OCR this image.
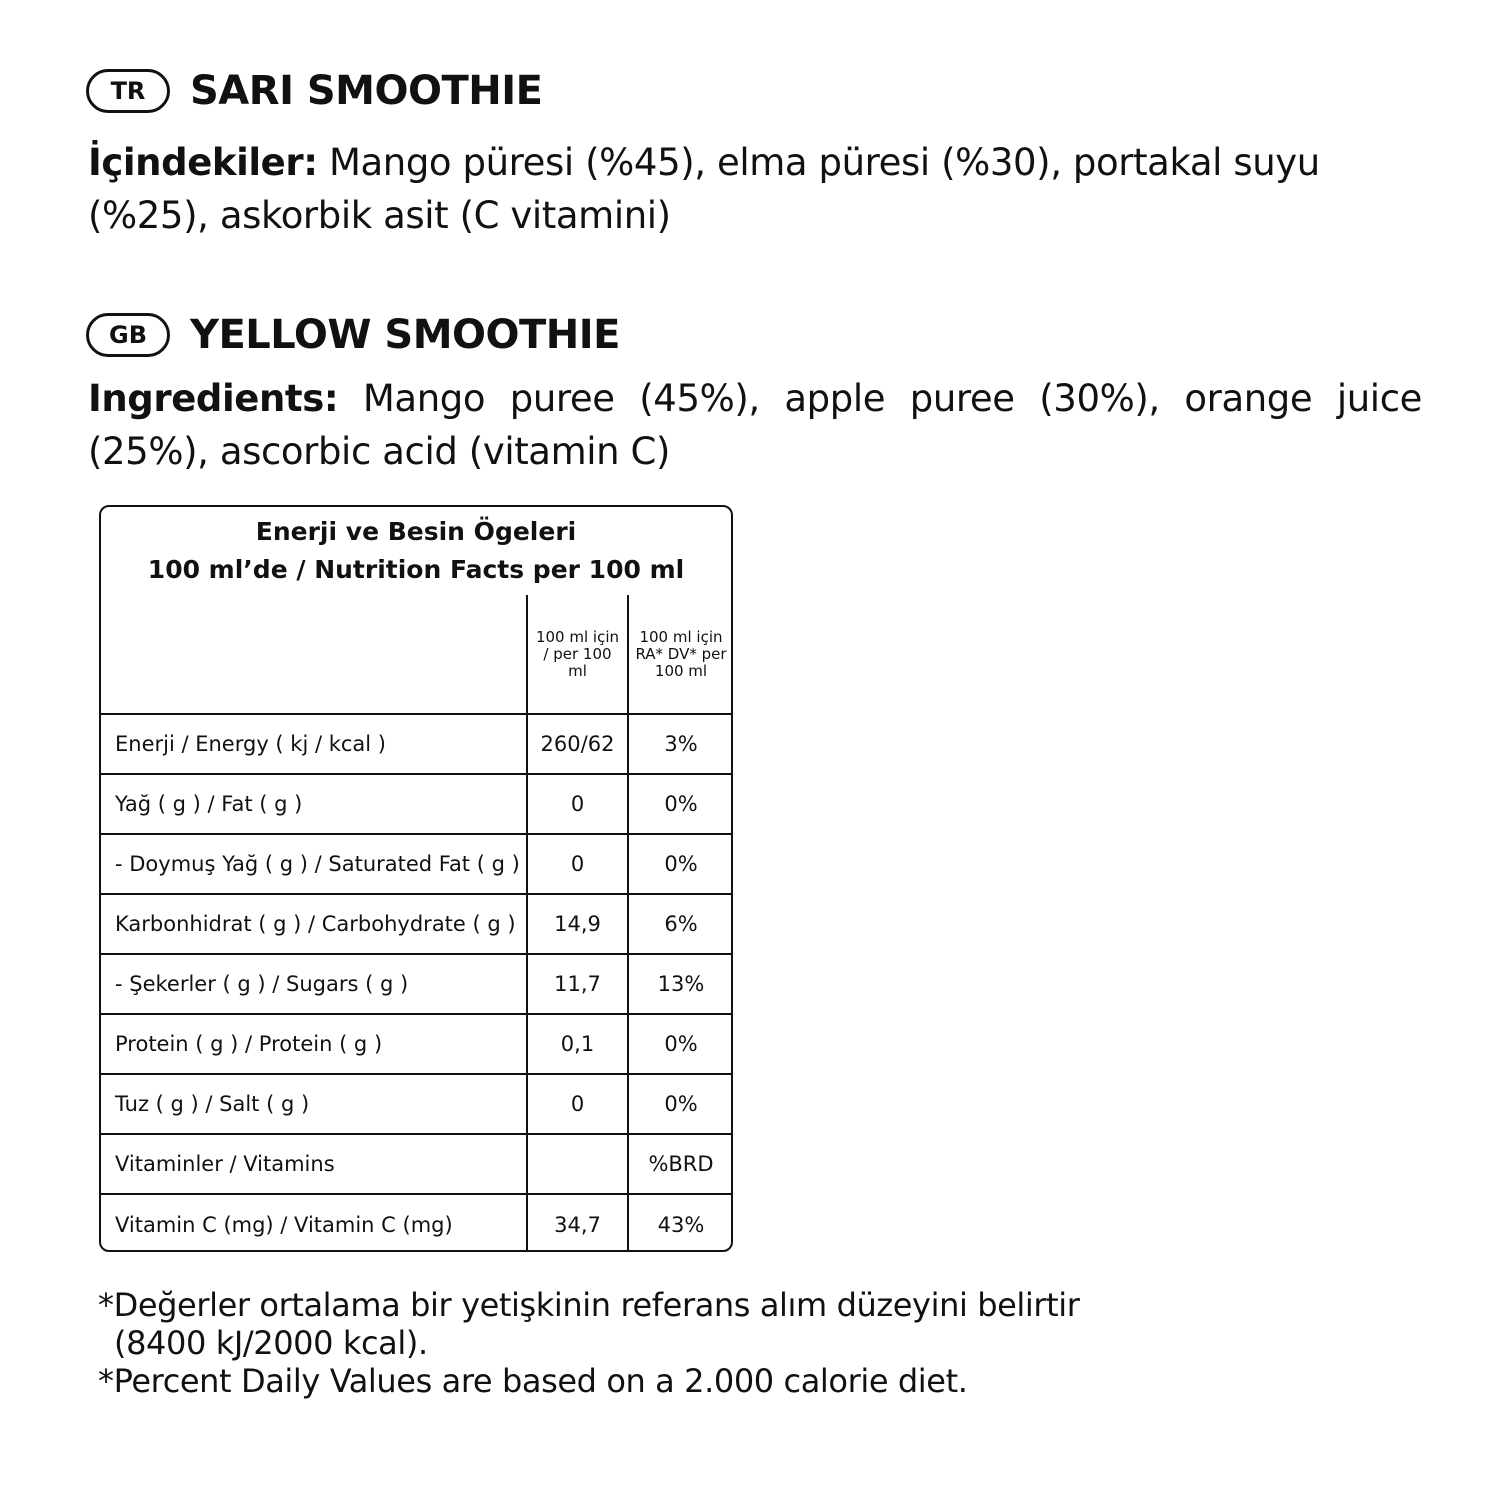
TR	SARI SMOOTHIE
İçindekiler: Mango püresi (%45), elma püresi (%30), portakal suyu (%25), askorbik asit (C vitamini)
GB	YELLOW SMOOTHIE
Ingredients: Mango puree (45%), apple puree (30%), orange juice (25%), ascorbic acid (vitamin C)
Enerji ve Besin Ögeleri
100 ml’de / Nutrition Facts per 100 ml
	100 ml için / per 100 ml	100 ml için RA* DV* per 100 ml
Enerji / Energy ( kj / kcal )	260/62	3%
Yağ ( g ) / Fat ( g )	0	0%
- Doymuş Yağ ( g ) / Saturated Fat ( g )	0	0%
Karbonhidrat ( g ) / Carbohydrate ( g )	14,9	6%
- Şekerler ( g ) / Sugars ( g )	11,7	13%
Protein ( g ) / Protein ( g )	0,1	0%
Tuz ( g ) / Salt ( g )	0	0%
Vitaminler / Vitamins		%BRD
Vitamin C (mg) / Vitamin C (mg)	34,7	43%
*Değerler ortalama bir yetişkinin referans alım düzeyini belirtir
(8400 kJ/2000 kcal).
*Percent Daily Values are based on a 2.000 calorie diet.
